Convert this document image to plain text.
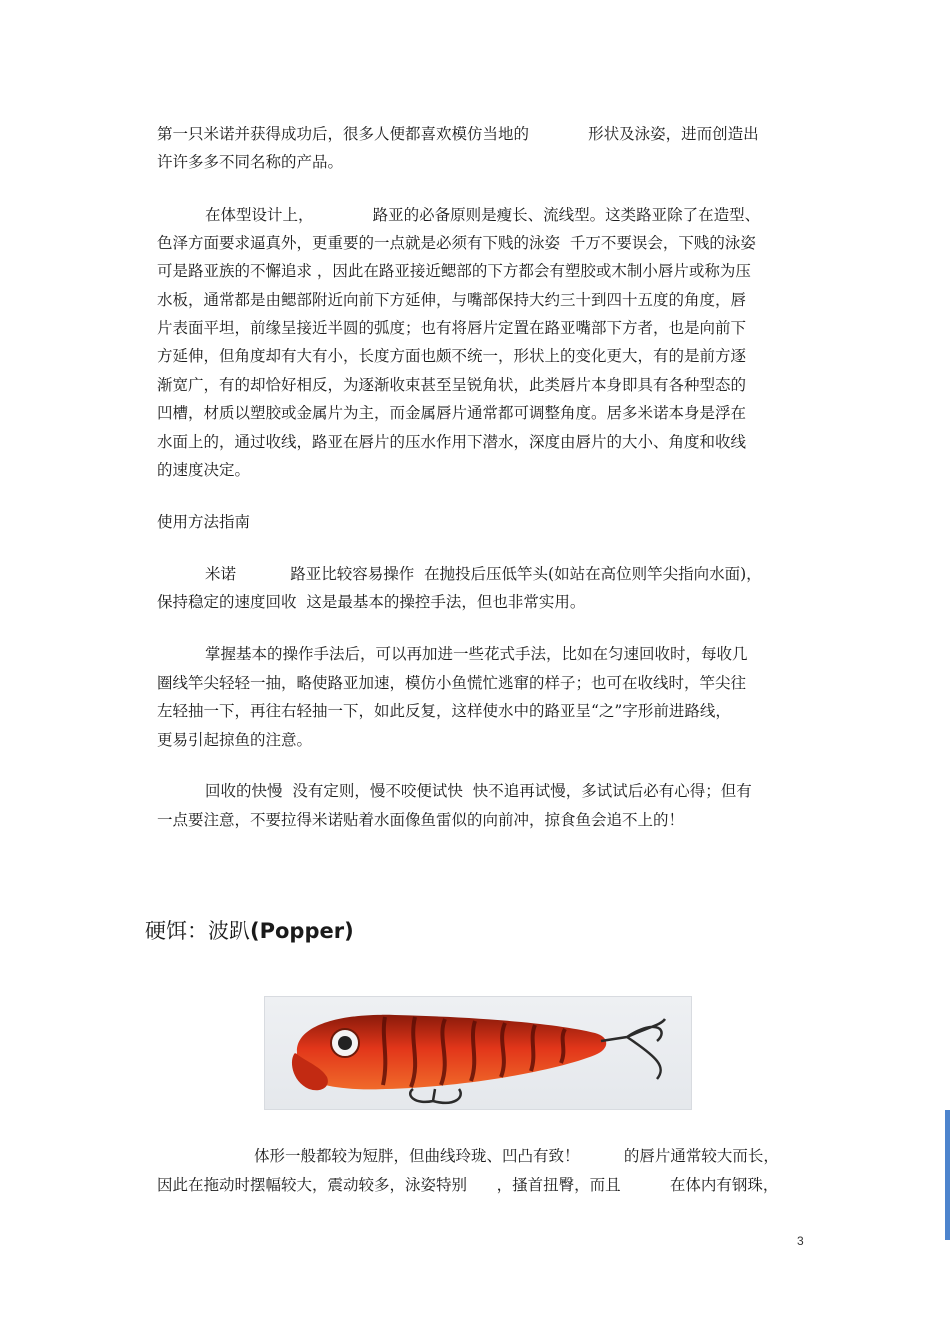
第一只米诺并获得成功后，很多人便都喜欢模仿当地的            形状及泳姿，进而创造出
许许多多不同名称的产品。
在体型设计上，            路亚的必备原则是瘦长、流线型。这类路亚除了在造型、
色泽方面要求逼真外，更重要的一点就是必须有下贱的泳姿  千万不要误会，下贱的泳姿
可是路亚族的不懈追求 ，因此在路亚接近鳃部的下方都会有塑胶或木制小唇片或称为压
水板，通常都是由鳃部附近向前下方延伸，与嘴部保持大约三十到四十五度的角度，唇
片表面平坦，前缘呈接近半圆的弧度；也有将唇片定置在路亚嘴部下方者，也是向前下
方延伸，但角度却有大有小，长度方面也颇不统一，形状上的变化更大，有的是前方逐
渐宽广，有的却恰好相反，为逐渐收束甚至呈锐角状，此类唇片本身即具有各种型态的
凹槽，材质以塑胶或金属片为主，而金属唇片通常都可调整角度。居多米诺本身是浮在
水面上的，通过收线，路亚在唇片的压水作用下潜水，深度由唇片的大小、角度和收线
的速度决定。
使用方法指南
米诺           路亚比较容易操作  在抛投后压低竿头(如站在高位则竿尖指向水面)，
保持稳定的速度回收  这是最基本的操控手法，但也非常实用。
掌握基本的操作手法后，可以再加进一些花式手法，比如在匀速回收时，每收几
圈线竿尖轻轻一抽，略使路亚加速，模仿小鱼慌忙逃窜的样子；也可在收线时，竿尖往
左轻抽一下，再往右轻抽一下，如此反复，这样使水中的路亚呈“之”字形前进路线，
更易引起掠鱼的注意。
回收的快慢  没有定则，慢不咬便试快  快不追再试慢，多试试后必有心得；但有
一点要注意，不要拉得米诺贴着水面像鱼雷似的向前冲，掠食鱼会追不上的！
硬饵：波趴(Popper)
体形一般都较为短胖，但曲线玲珑、凹凸有致！         的唇片通常较大而长，
因此在拖动时摆幅较大，震动较多，泳姿特别      ，搔首扭臀，而且          在体内有钢珠，
3
